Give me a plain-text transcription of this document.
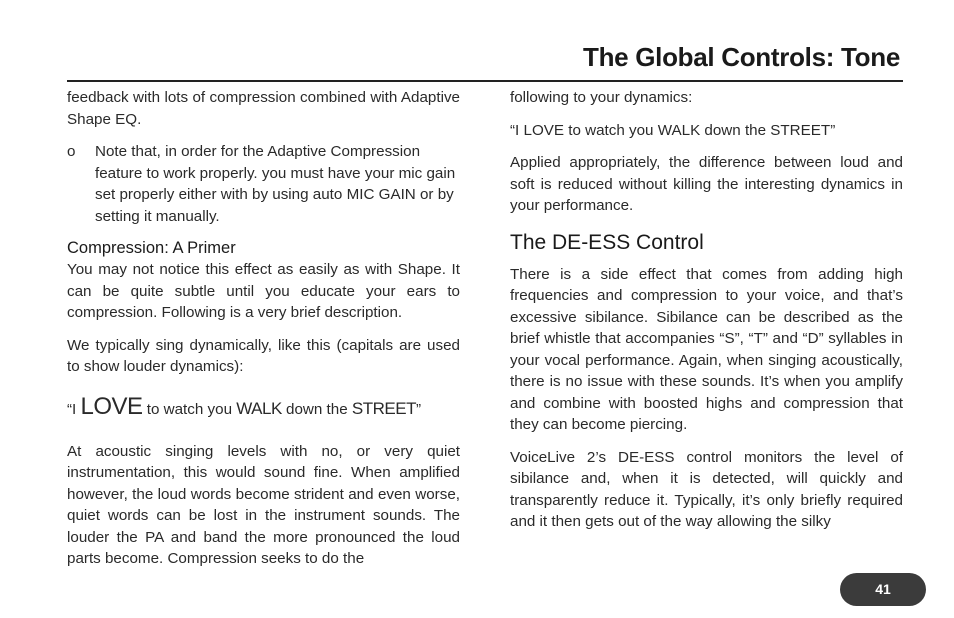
The Global Controls: Tone

feedback with lots of compression combined with Adaptive Shape EQ.

o	Note that, in order for the Adaptive Compression feature to work properly. you must have your mic gain set properly either with by using auto MIC GAIN or by setting it manually.
Compression: A Primer

You may not notice this effect as easily as with Shape. It can be quite subtle until you educate your ears to compression. Following is a very brief description.

We typically sing dynamically, like this (capitals are used to show louder dynamics):

“I LOVE to watch you WALK down the STREET”

At acoustic singing levels with no, or very quiet instrumentation, this would sound fine. When amplified however, the loud words become strident and even worse, quiet words can be lost in the instrument sounds. The louder the PA and band the more pronounced the loud parts become. Compression seeks to do the

following to your dynamics:

“I LOVE to watch you WALK down the STREET”

Applied appropriately, the difference between loud and soft is reduced without killing the interesting dynamics in your performance.

The DE-ESS Control

There is a side effect that comes from adding high frequencies and compression to your voice, and that’s excessive sibilance. Sibilance can be described as the brief whistle that accompanies “S”, “T” and “D” syllables in your vocal performance. Again, when singing acoustically, there is no issue with these sounds. It’s when you amplify and combine with boosted highs and compression that they can become piercing.

VoiceLive 2’s DE-ESS control monitors the level of sibilance and, when it is detected, will quickly and transparently reduce it. Typically, it’s only briefly required and it then gets out of the way allowing the silky

41
